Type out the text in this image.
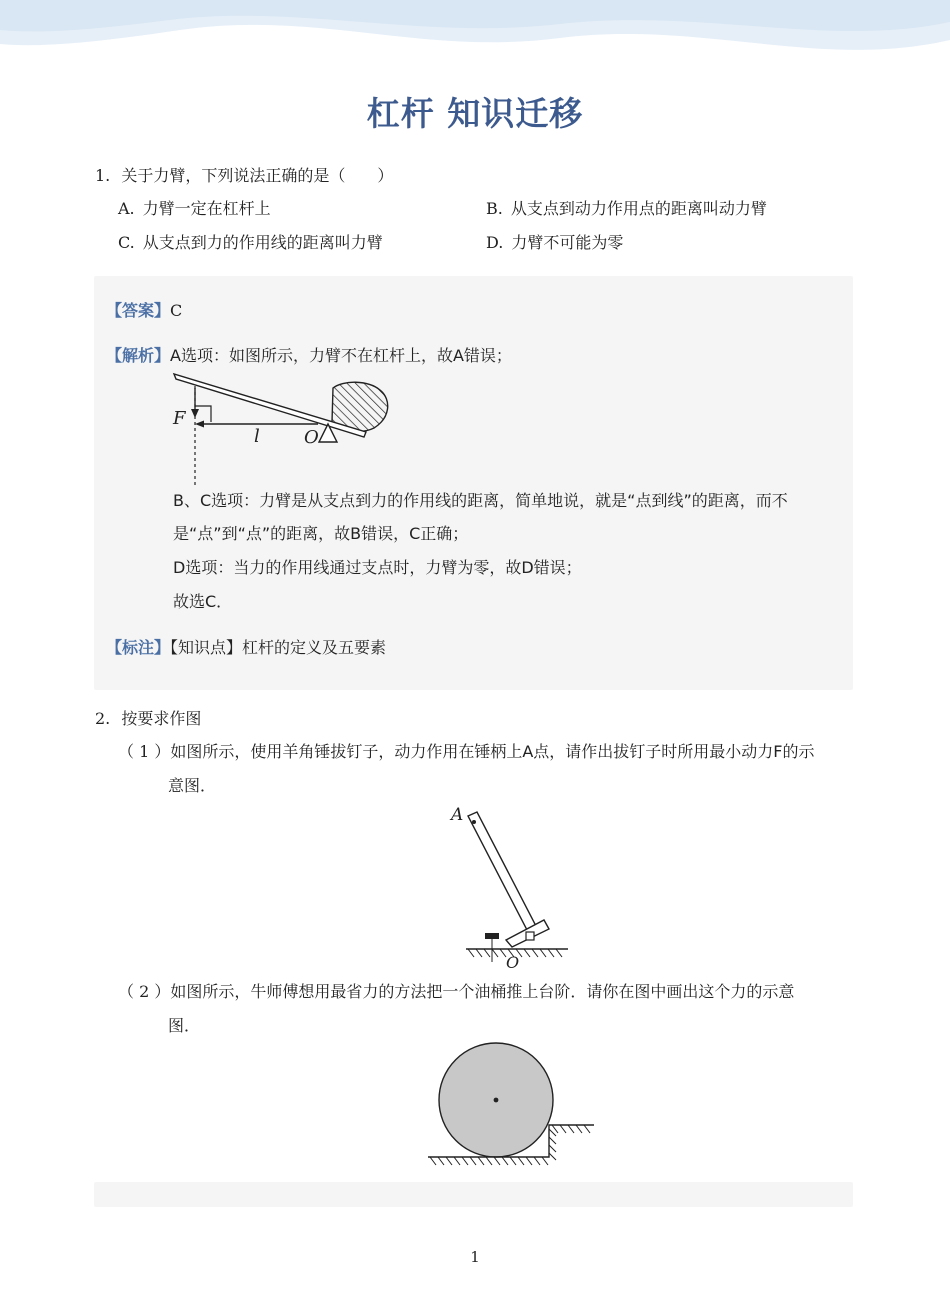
杠杆 知识迁移
1. 关于力臂，下列说法正确的是（　　）
A. 力臂一定在杠杆上	B. 从支点到动力作用点的距离叫动力臂
C. 从支点到力的作用线的距离叫力臂	D. 力臂不可能为零
【答案】C
【解析】A选项：如图所示，力臂不在杠杆上，故A错误；
F
l O
B、C选项：力臂是从支点到力的作用线的距离，简单地说，就是“点到线”的距离，而不
是“点”到“点”的距离，故B错误，C正确；
D选项：当力的作用线通过支点时，力臂为零，故D错误；
故选C．
【标注】【知识点】杠杆的定义及五要素
2. 按要求作图
（ 1 ）如图所示，使用羊角锤拔钉子，动力作用在锤柄上A点，请作出拔钉子时所用最小动力F的示
意图．
A
O
（ 2 ）如图所示，牛师傅想用最省力的方法把一个油桶推上台阶．请你在图中画出这个力的示意
图．
1
